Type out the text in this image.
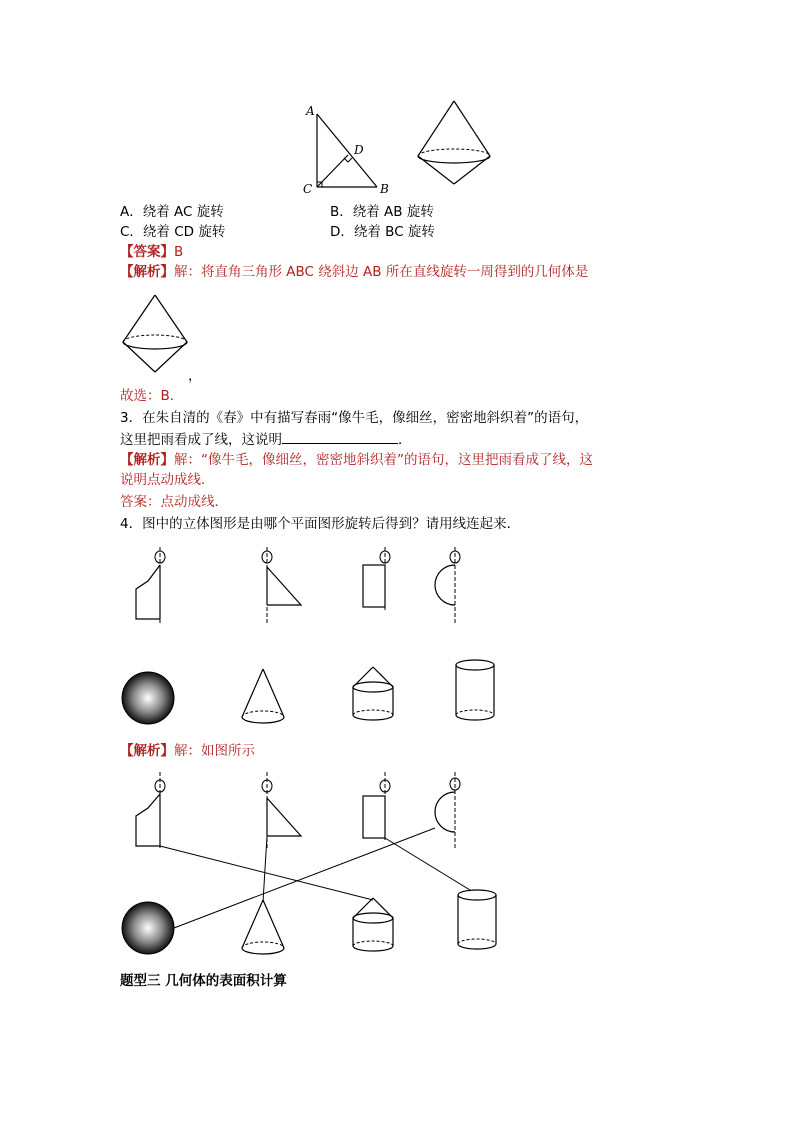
A
D
C	B
A．绕着 AC 旋转	B．绕着 AB 旋转
C．绕着 CD 旋转	D．绕着 BC 旋转
【答案】B
【解析】解：将直角三角形 ABC 绕斜边 AB 所在直线旋转一周得到的几何体是
，
故选：B．
3．在朱自清的《春》中有描写春雨“像牛毛，像细丝，密密地斜织着”的语句，
这里把雨看成了线，这说明	．
【解析】解：“像牛毛，像细丝，密密地斜织着”的语句，这里把雨看成了线，这
说明点动成线．
答案：点动成线．
4．图中的立体图形是由哪个平面图形旋转后得到？请用线连起来．
【解析】解：如图所示
题型三 几何体的表面积计算
